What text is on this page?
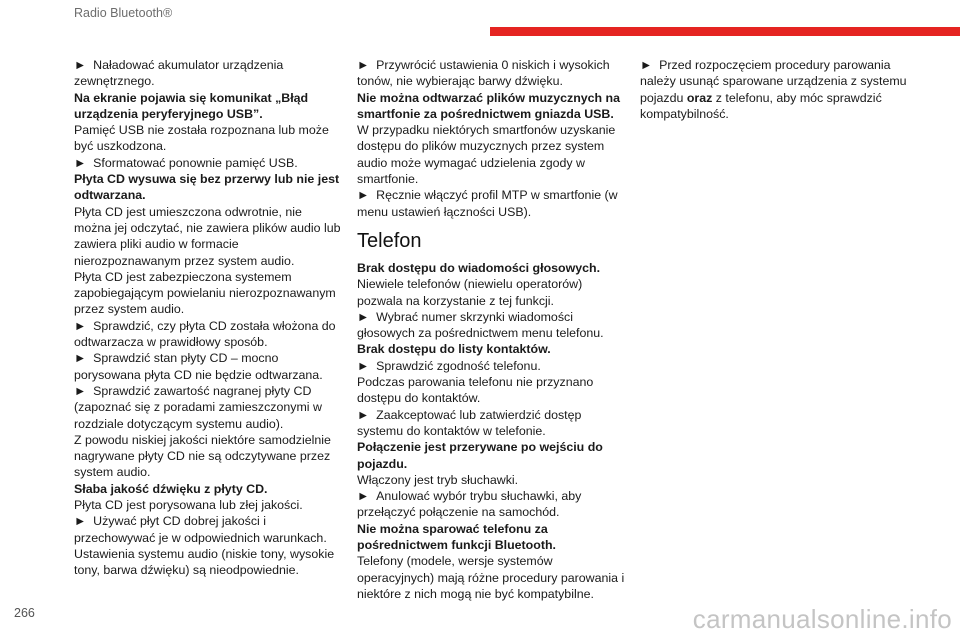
Radio Bluetooth®

►  Naładować akumulator urządzenia zewnętrznego.

Na ekranie pojawia się komunikat „Błąd urządzenia peryferyjnego USB”.

Pamięć USB nie została rozpoznana lub może być uszkodzona.

►  Sformatować ponownie pamięć USB.

Płyta CD wysuwa się bez przerwy lub nie jest odtwarzana.

Płyta CD jest umieszczona odwrotnie, nie można jej odczytać, nie zawiera plików audio lub zawiera pliki audio w formacie nierozpoznawanym przez system audio.

Płyta CD jest zabezpieczona systemem zapobiegającym powielaniu nierozpoznawanym przez system audio.

►  Sprawdzić, czy płyta CD została włożona do odtwarzacza w prawidłowy sposób.

►  Sprawdzić stan płyty CD – mocno porysowana płyta CD nie będzie odtwarzana.

►  Sprawdzić zawartość nagranej płyty CD (zapoznać się z poradami zamieszczonymi w rozdziale dotyczącym systemu audio).

Z powodu niskiej jakości niektóre samodzielnie nagrywane płyty CD nie są odczytywane przez system audio.

Słaba jakość dźwięku z płyty CD.

Płyta CD jest porysowana lub złej jakości.

►  Używać płyt CD dobrej jakości i przechowywać je w odpowiednich warunkach.

Ustawienia systemu audio (niskie tony, wysokie tony, barwa dźwięku) są nieodpowiednie.

►  Przywrócić ustawienia 0 niskich i wysokich tonów, nie wybierając barwy dźwięku.

Nie można odtwarzać plików muzycznych na smartfonie za pośrednictwem gniazda USB.

W przypadku niektórych smartfonów uzyskanie dostępu do plików muzycznych przez system audio może wymagać udzielenia zgody w smartfonie.

►  Ręcznie włączyć profil MTP w smartfonie (w menu ustawień łączności USB).

Telefon

Brak dostępu do wiadomości głosowych.

Niewiele telefonów (niewielu operatorów) pozwala na korzystanie z tej funkcji.

►  Wybrać numer skrzynki wiadomości głosowych za pośrednictwem menu telefonu.

Brak dostępu do listy kontaktów.

►  Sprawdzić zgodność telefonu.

Podczas parowania telefonu nie przyznano dostępu do kontaktów.

►  Zaakceptować lub zatwierdzić dostęp systemu do kontaktów w telefonie.

Połączenie jest przerywane po wejściu do pojazdu.

Włączony jest tryb słuchawki.

►  Anulować wybór trybu słuchawki, aby przełączyć połączenie na samochód.

Nie można sparować telefonu za pośrednictwem funkcji Bluetooth.

Telefony (modele, wersje systemów operacyjnych) mają różne procedury parowania i niektóre z nich mogą nie być kompatybilne.

►  Przed rozpoczęciem procedury parowania należy usunąć sparowane urządzenia z systemu pojazdu oraz z telefonu, aby móc sprawdzić kompatybilność.

266	carmanualsonline.info
